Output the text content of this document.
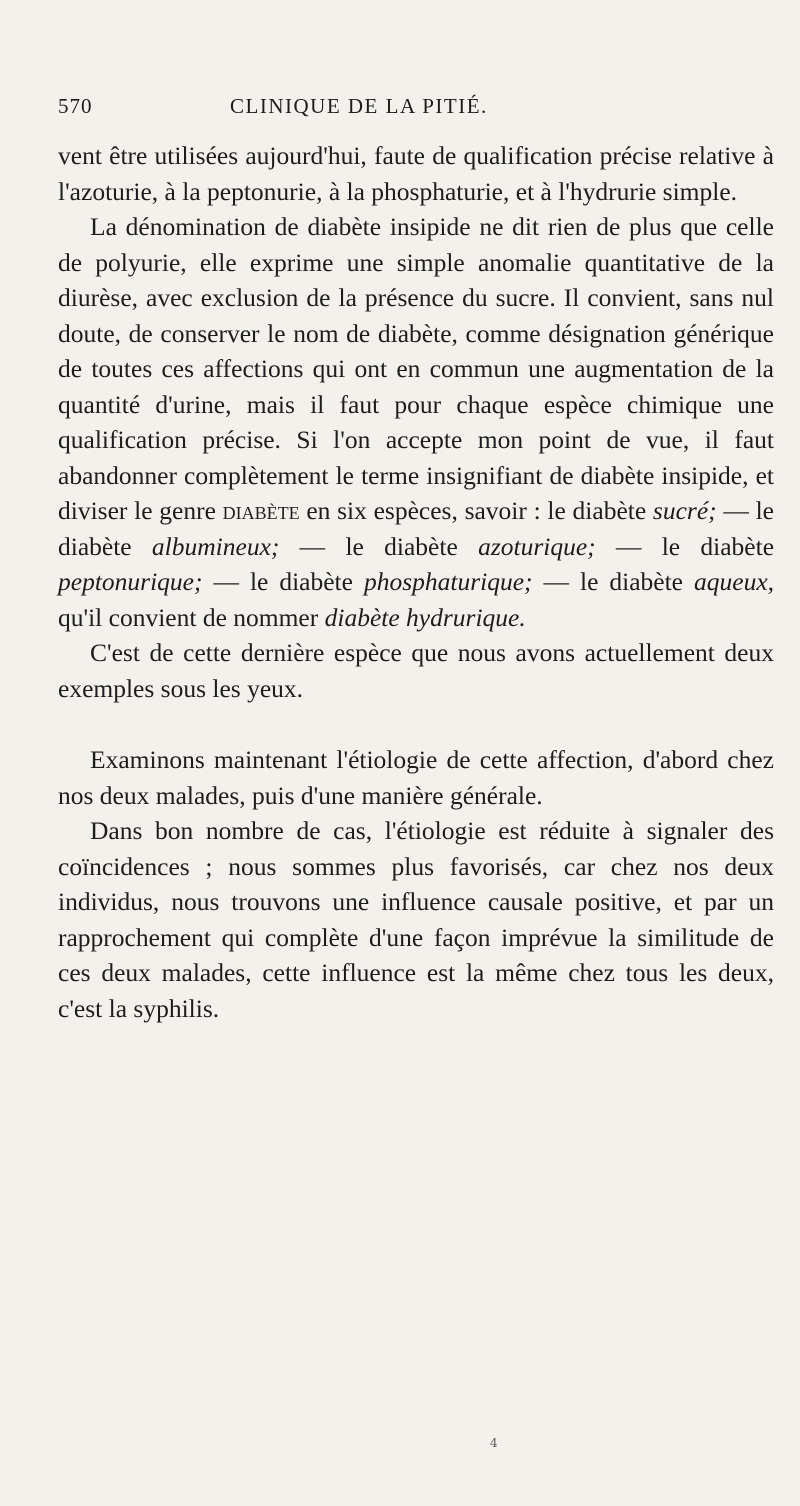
570	CLINIQUE DE LA PITIÉ.

vent être utilisées aujourd'hui, faute de qualification précise relative à l'azoturie, à la peptonurie, à la phosphaturie, et à l'hydrurie simple.

La dénomination de diabète insipide ne dit rien de plus que celle de polyurie, elle exprime une simple anomalie quantitative de la diurèse, avec exclusion de la présence du sucre. Il convient, sans nul doute, de conserver le nom de diabète, comme désignation générique de toutes ces affections qui ont en commun une augmentation de la quantité d'urine, mais il faut pour chaque espèce chimique une qualification précise. Si l'on accepte mon point de vue, il faut abandonner complètement le terme insignifiant de diabète insipide, et diviser le genre diabète en six espèces, savoir : le diabète sucré; — le diabète albumineux; — le diabète azoturique; — le diabète peptonurique; — le diabète phosphaturique; — le diabète aqueux, qu'il convient de nommer diabète hydrurique.

C'est de cette dernière espèce que nous avons actuellement deux exemples sous les yeux.

Examinons maintenant l'étiologie de cette affection, d'abord chez nos deux malades, puis d'une manière générale.

Dans bon nombre de cas, l'étiologie est réduite à signaler des coïncidences ; nous sommes plus favorisés, car chez nos deux individus, nous trouvons une influence causale positive, et par un rapprochement qui complète d'une façon imprévue la similitude de ces deux malades, cette influence est la même chez tous les deux, c'est la syphilis.

4
